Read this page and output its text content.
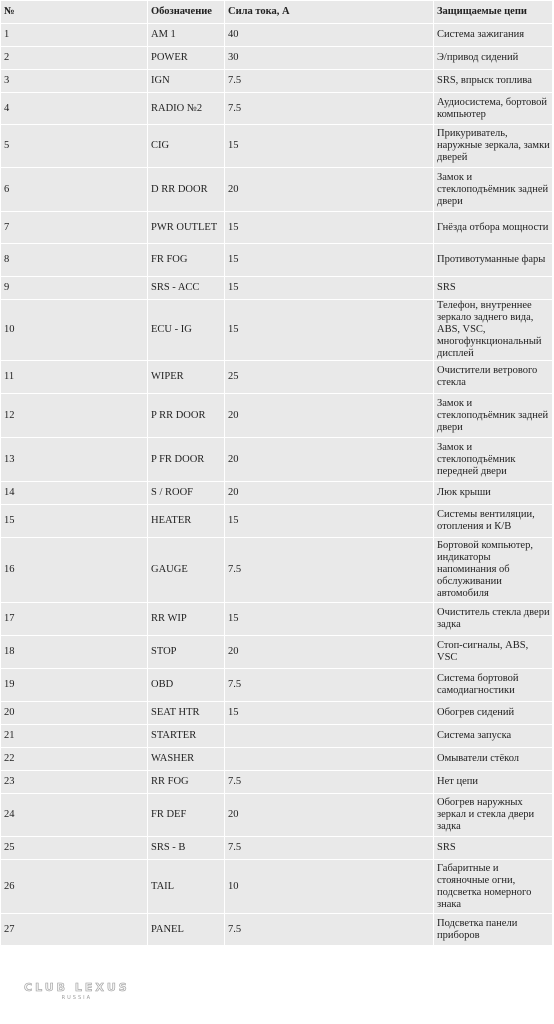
№	Обозначение	Сила тока, А	Защищаемые цепи
1	AM 1	40	Система зажигания
2	POWER	30	Э/привод сидений
3	IGN	7.5	SRS, впрыск топлива
4	RADIO №2	7.5	Аудиосистема, бортовой компьютер
5	CIG	15	Прикуриватель, наружные зеркала, замки дверей
6	D RR DOOR	20	Замок и стеклоподъёмник задней двери
7	PWR OUTLET	15	Гнёзда отбора мощности
8	FR FOG	15	Противотуманные фары
9	SRS - ACC	15	SRS
10	ECU - IG	15	Телефон, внутреннее зеркало заднего вида, ABS, VSC, многофункциональный дисплей
11	WIPER	25	Очистители ветрового стекла
12	P RR DOOR	20	Замок и стеклоподъёмник задней двери
13	P FR DOOR	20	Замок и стеклоподъёмник передней двери
14	S / ROOF	20	Люк крыши
15	HEATER	15	Системы вентиляции, отопления и К/В
16	GAUGE	7.5	Бортовой компьютер, индикаторы напоминания об обслуживании автомобиля
17	RR WIP	15	Очиститель стекла двери задка
18	STOP	20	Стоп-сигналы, ABS, VSC
19	OBD	7.5	Система бортовой самодиагностики
20	SEAT HTR	15	Обогрев сидений
21	STARTER		Система запуска
22	WASHER		Омыватели стёкол
23	RR FOG	7.5	Нет цепи
24	FR DEF	20	Обогрев наружных зеркал и стекла двери задка
25	SRS - B	7.5	SRS
26	TAIL	10	Габаритные и стояночные огни, подсветка номерного знака
27	PANEL	7.5	Подсветка панели приборов
CLUB LEXUS
RUSSIA
